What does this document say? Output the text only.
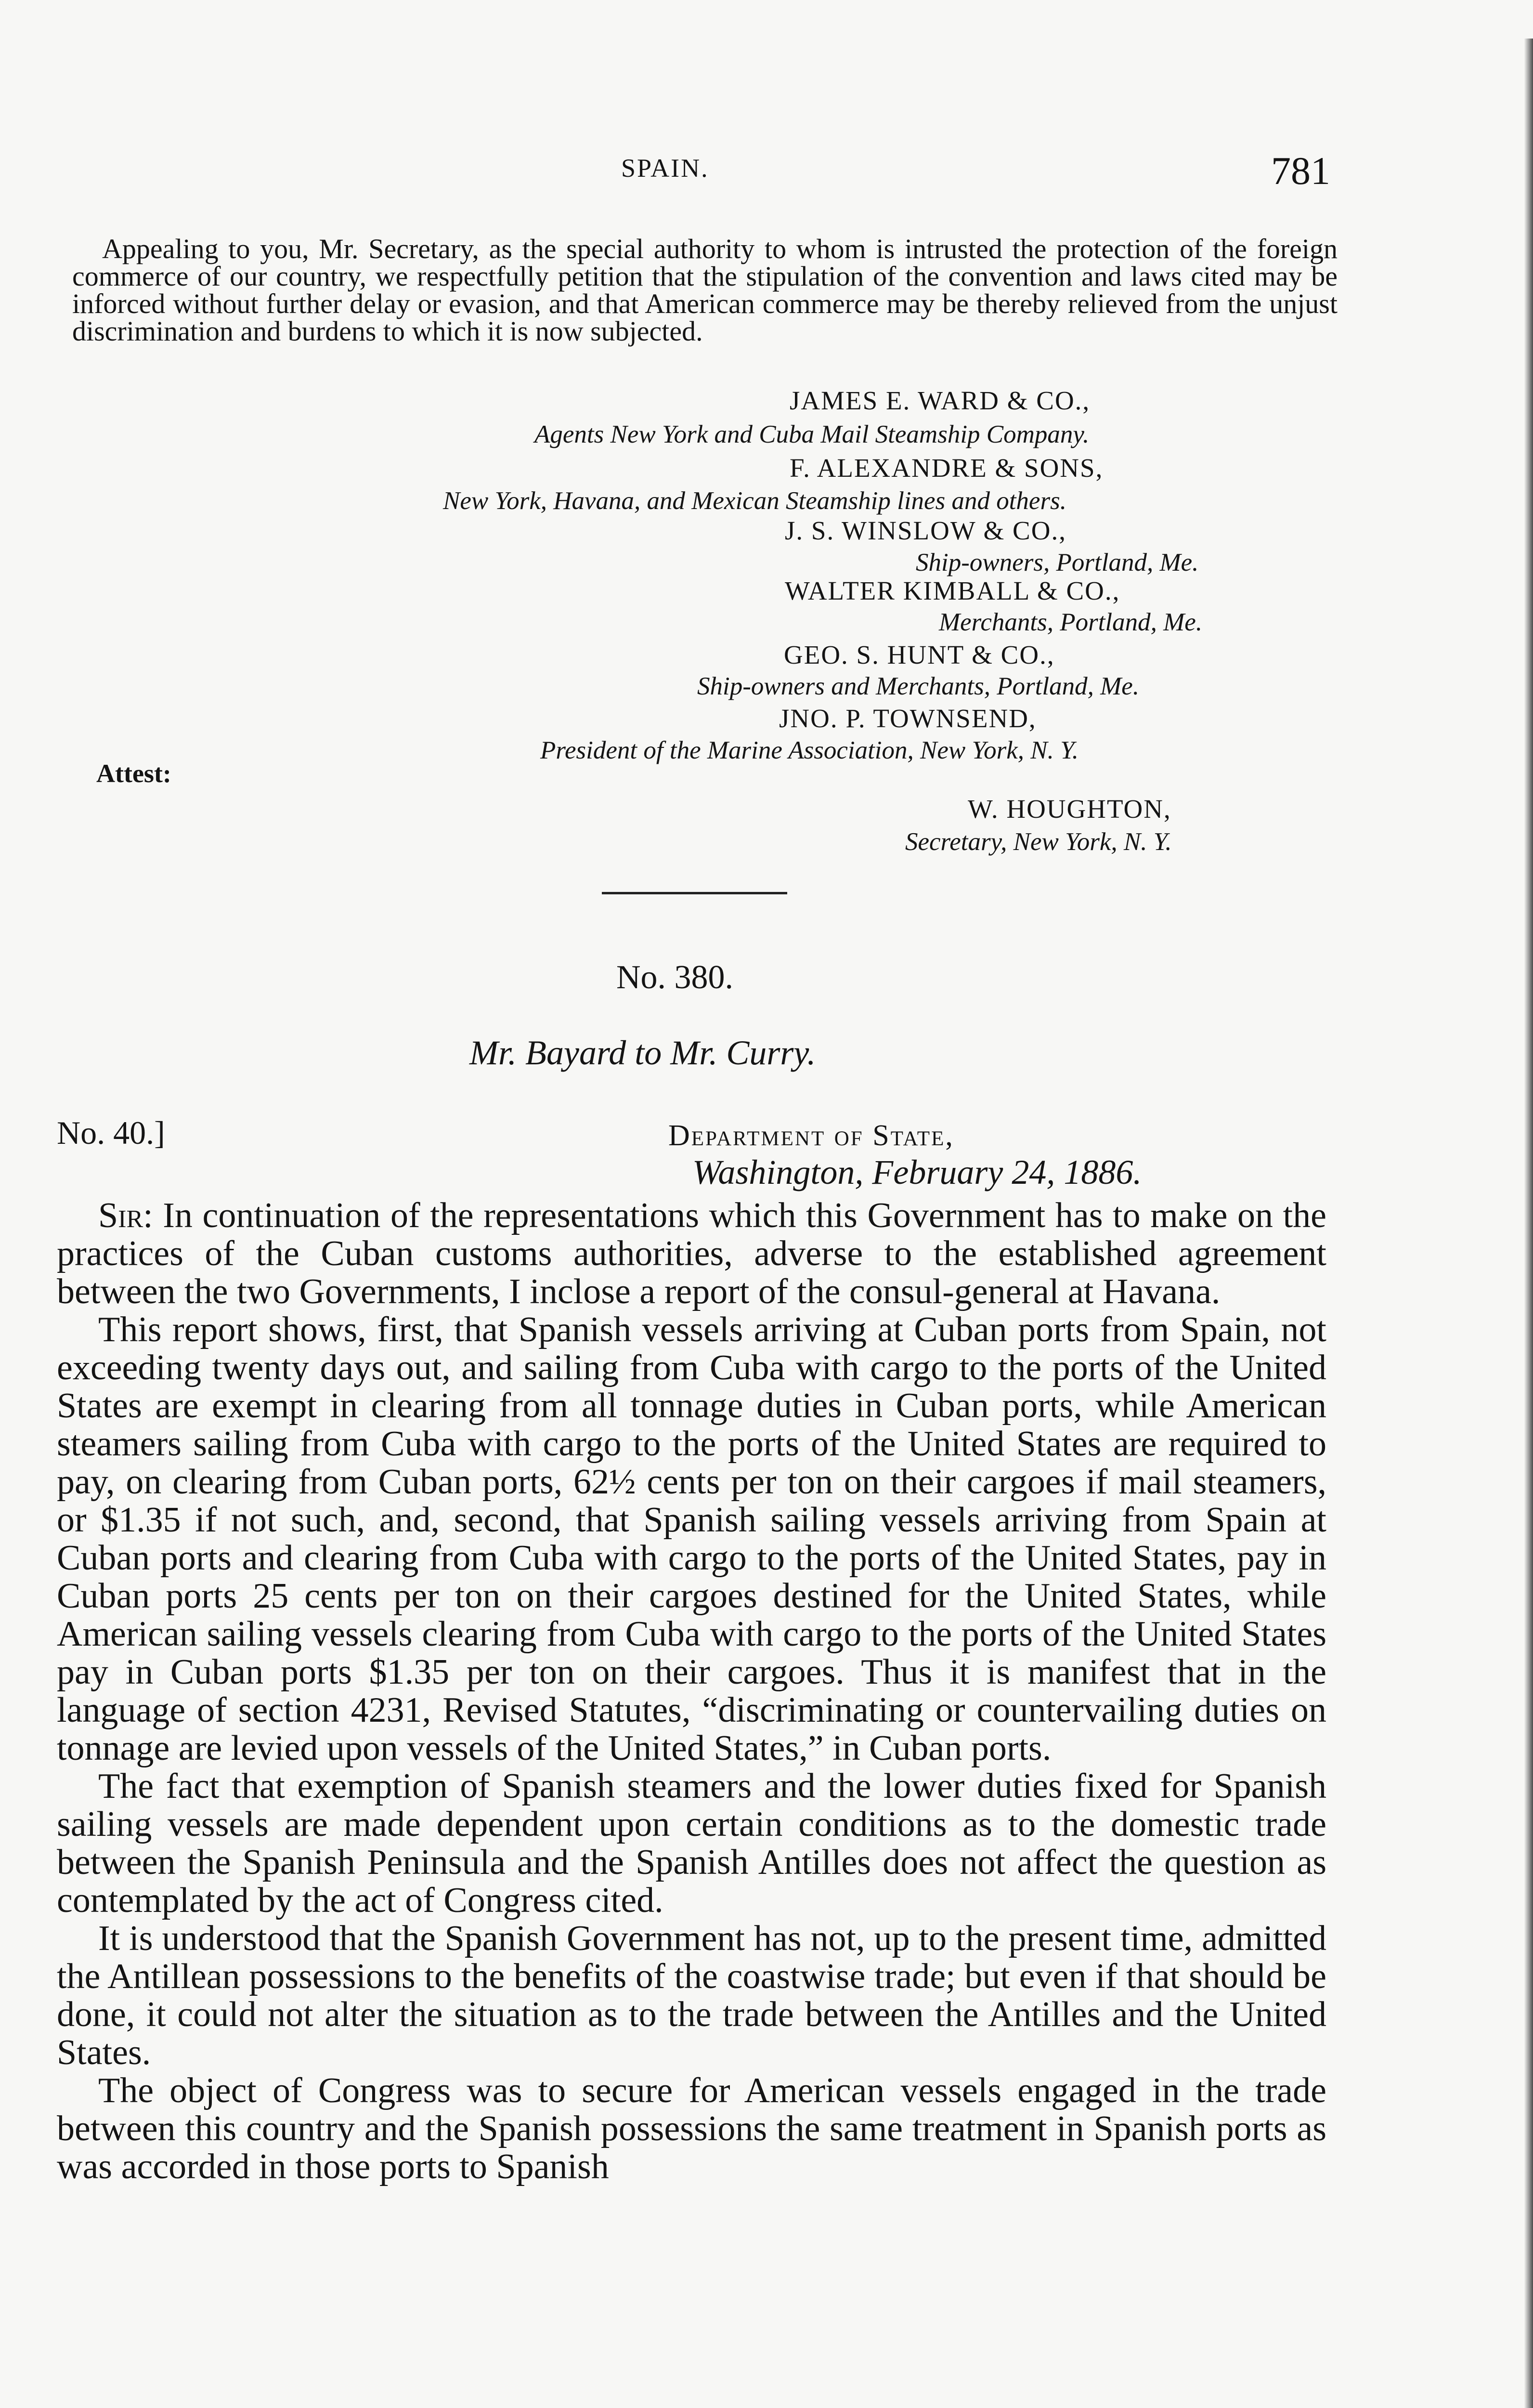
SPAIN.	781
Appealing to you, Mr. Secretary, as the special authority to whom is intrusted the protection of the foreign commerce of our country, we respectfully petition that the stipulation of the convention and laws cited may be inforced without further delay or evasion, and that American commerce may be thereby relieved from the unjust discrimination and burdens to which it is now subjected.
JAMES E. WARD & CO.,
Agents New York and Cuba Mail Steamship Company.
F. ALEXANDRE & SONS,
New York, Havana, and Mexican Steamship lines and others.
J. S. WINSLOW & CO.,
Ship-owners, Portland, Me.
WALTER KIMBALL & CO.,
Merchants, Portland, Me.
GEO. S. HUNT & CO.,
Ship-owners and Merchants, Portland, Me.
JNO. P. TOWNSEND,
President of the Marine Association, New York, N. Y.
Attest:
W. HOUGHTON,
Secretary, New York, N. Y.
No. 380.
Mr. Bayard to Mr. Curry.
No. 40.]	Department of State,
Washington, February 24, 1886.

Sir: In continuation of the representations which this Government has to make on the practices of the Cuban customs authorities, adverse to the established agreement between the two Governments, I inclose a report of the consul-general at Havana.

This report shows, first, that Spanish vessels arriving at Cuban ports from Spain, not exceeding twenty days out, and sailing from Cuba with cargo to the ports of the United States are exempt in clearing from all tonnage duties in Cuban ports, while American steamers sailing from Cuba with cargo to the ports of the United States are required to pay, on clearing from Cuban ports, 62½ cents per ton on their cargoes if mail steamers, or $1.35 if not such, and, second, that Spanish sailing vessels arriving from Spain at Cuban ports and clearing from Cuba with cargo to the ports of the United States, pay in Cuban ports 25 cents per ton on their cargoes destined for the United States, while American sailing vessels clearing from Cuba with cargo to the ports of the United States pay in Cuban ports $1.35 per ton on their cargoes. Thus it is manifest that in the language of section 4231, Revised Statutes, “discriminating or countervailing duties on tonnage are levied upon vessels of the United States,” in Cuban ports.

The fact that exemption of Spanish steamers and the lower duties fixed for Spanish sailing vessels are made dependent upon certain conditions as to the domestic trade between the Spanish Peninsula and the Spanish Antilles does not affect the question as contemplated by the act of Congress cited.

It is understood that the Spanish Government has not, up to the present time, admitted the Antillean possessions to the benefits of the coastwise trade; but even if that should be done, it could not alter the situation as to the trade between the Antilles and the United States.

The object of Congress was to secure for American vessels engaged in the trade between this country and the Spanish possessions the same treatment in Spanish ports as was accorded in those ports to Spanish
